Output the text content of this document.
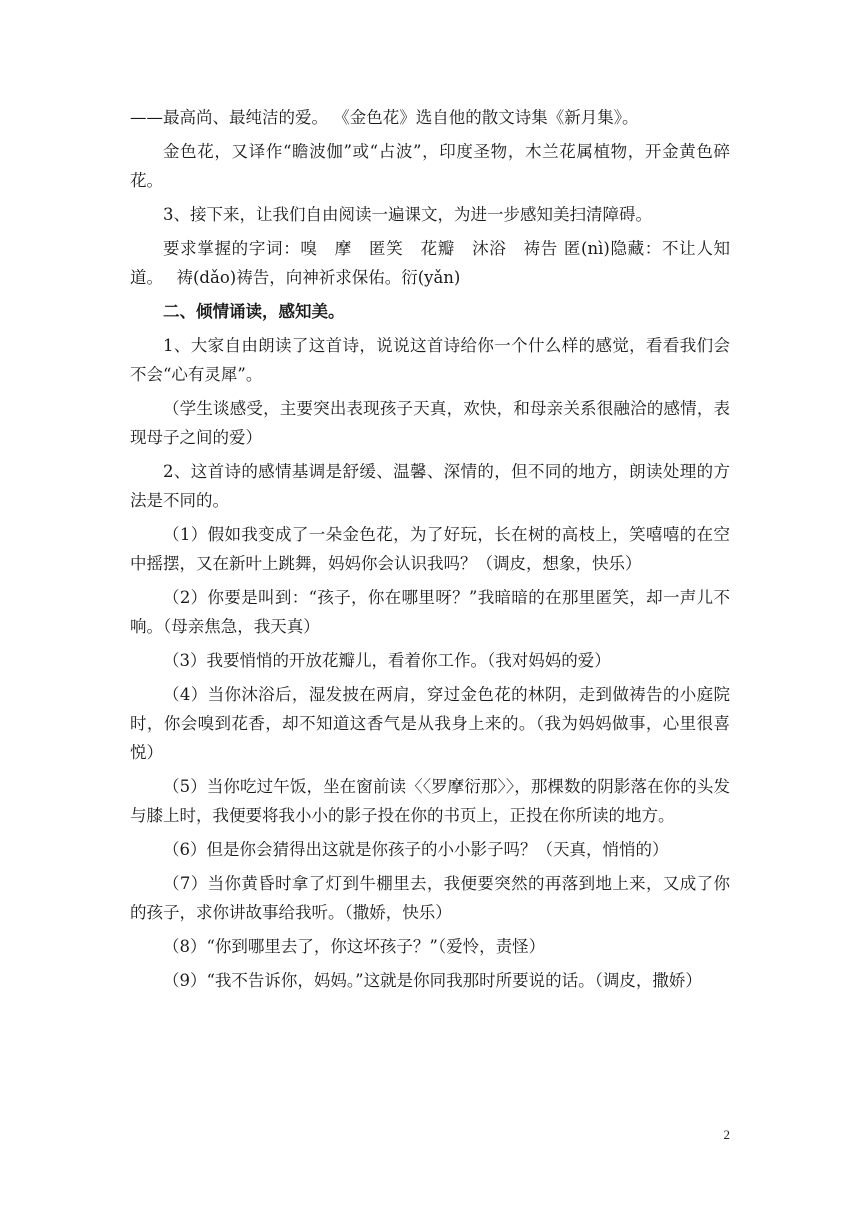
——最高尚、最纯洁的爱。 《金色花》选自他的散文诗集《新月集》。

金色花，又译作“瞻波伽”或“占波”，印度圣物，木兰花属植物，开金黄色碎花。

3、接下来，让我们自由阅读一遍课文，为进一步感知美扫清障碍。

要求掌握的字词：嗅　摩　匿笑　花瓣　沐浴　祷告 匿(nì)隐藏：不让人知道。　 祷(dǎo)祷告，向神祈求保佑。衍(yǎn)

二、倾情诵读，感知美。

1、大家自由朗读了这首诗，说说这首诗给你一个什么样的感觉，看看我们会不会“心有灵犀”。

（学生谈感受，主要突出表现孩子天真，欢快，和母亲关系很融洽的感情，表现母子之间的爱）

2、这首诗的感情基调是舒缓、温馨、深情的，但不同的地方，朗读处理的方法是不同的。

（1）假如我变成了一朵金色花，为了好玩，长在树的高枝上，笑嘻嘻的在空中摇摆，又在新叶上跳舞，妈妈你会认识我吗？（调皮，想象，快乐）

（2）你要是叫到：“孩子，你在哪里呀？”我暗暗的在那里匿笑，却一声儿不响。（母亲焦急，我天真）

（3）我要悄悄的开放花瓣儿，看着你工作。（我对妈妈的爱）

（4）当你沐浴后，湿发披在两肩，穿过金色花的林阴，走到做祷告的小庭院时，你会嗅到花香，却不知道这香气是从我身上来的。（我为妈妈做事，心里很喜悦）

（5）当你吃过午饭，坐在窗前读〈〈罗摩衍那〉〉，那棵数的阴影落在你的头发与膝上时，我便要将我小小的影子投在你的书页上，正投在你所读的地方。

（6）但是你会猜得出这就是你孩子的小小影子吗？（天真，悄悄的）

（7）当你黄昏时拿了灯到牛棚里去，我便要突然的再落到地上来，又成了你的孩子，求你讲故事给我听。（撒娇，快乐）

（8）“你到哪里去了，你这坏孩子？”（爱怜，责怪）

（9）“我不告诉你，妈妈。”这就是你同我那时所要说的话。（调皮，撒娇）

2
